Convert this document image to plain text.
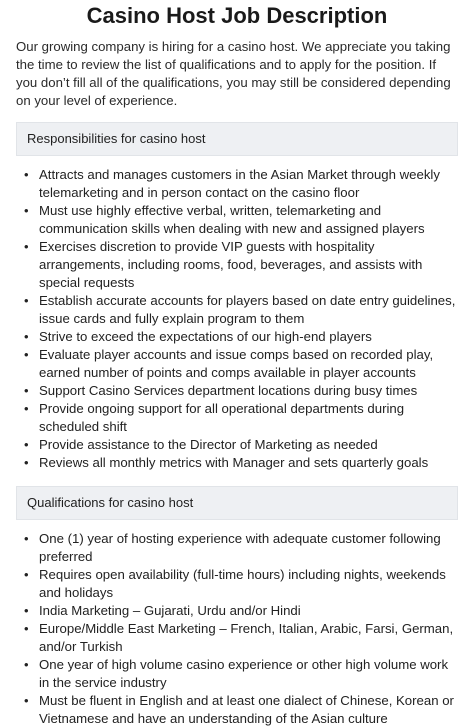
Casino Host Job Description

Our growing company is hiring for a casino host. We appreciate you taking the time to review the list of qualifications and to apply for the position. If you don’t fill all of the qualifications, you may still be considered depending on your level of experience.

Responsibilities for casino host
• Attracts and manages customers in the Asian Market through weekly telemarketing and in person contact on the casino floor
• Must use highly effective verbal, written, telemarketing and communication skills when dealing with new and assigned players
• Exercises discretion to provide VIP guests with hospitality arrangements, including rooms, food, beverages, and assists with special requests
• Establish accurate accounts for players based on date entry guidelines, issue cards and fully explain program to them
• Strive to exceed the expectations of our high-end players
• Evaluate player accounts and issue comps based on recorded play, earned number of points and comps available in player accounts
• Support Casino Services department locations during busy times
• Provide ongoing support for all operational departments during scheduled shift
• Provide assistance to the Director of Marketing as needed
• Reviews all monthly metrics with Manager and sets quarterly goals
Qualifications for casino host
• One (1) year of hosting experience with adequate customer following preferred
• Requires open availability (full-time hours) including nights, weekends and holidays
• India Marketing – Gujarati, Urdu and/or Hindi
• Europe/Middle East Marketing – French, Italian, Arabic, Farsi, German, and/or Turkish
• One year of high volume casino experience or other high volume work in the service industry
• Must be fluent in English and at least one dialect of Chinese, Korean or Vietnamese and have an understanding of the Asian culture
